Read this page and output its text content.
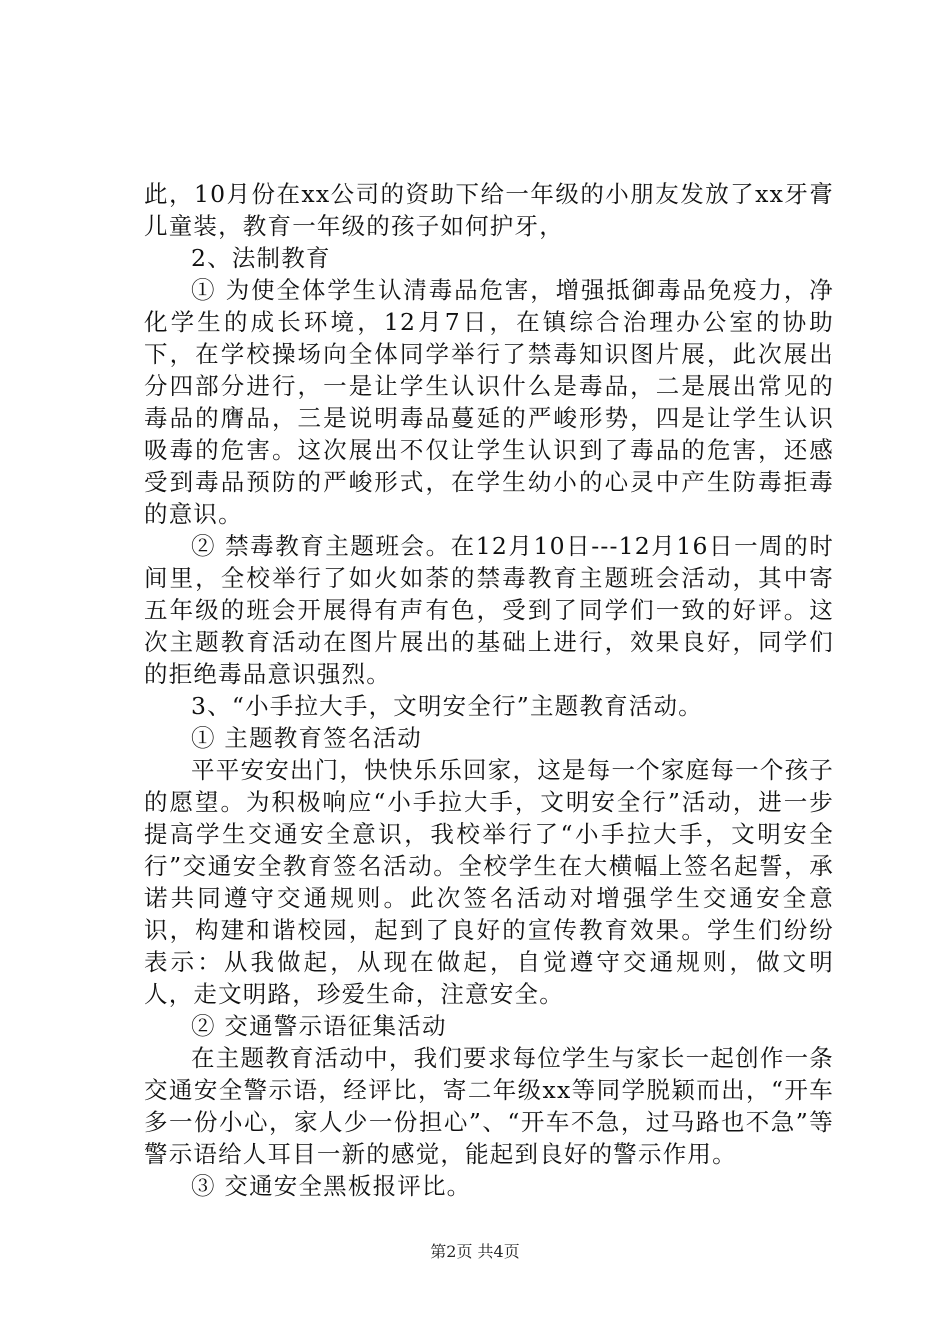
此，10月份在xx公司的资助下给一年级的小朋友发放了xx牙膏儿童装，教育一年级的孩子如何护牙，

2、法制教育

① 为使全体学生认清毒品危害，增强抵御毒品免疫力，净化学生的成长环境，12月7日，在镇综合治理办公室的协助下，在学校操场向全体同学举行了禁毒知识图片展，此次展出分四部分进行，一是让学生认识什么是毒品，二是展出常见的毒品的膺品，三是说明毒品蔓延的严峻形势，四是让学生认识吸毒的危害。这次展出不仅让学生认识到了毒品的危害，还感受到毒品预防的严峻形式，在学生幼小的心灵中产生防毒拒毒的意识。

② 禁毒教育主题班会。在12月10日---12月16日一周的时间里，全校举行了如火如荼的禁毒教育主题班会活动，其中寄五年级的班会开展得有声有色，受到了同学们一致的好评。这次主题教育活动在图片展出的基础上进行，效果良好，同学们的拒绝毒品意识强烈。

3、“小手拉大手，文明安全行”主题教育活动。

① 主题教育签名活动

平平安安出门，快快乐乐回家，这是每一个家庭每一个孩子的愿望。为积极响应“小手拉大手，文明安全行”活动，进一步提高学生交通安全意识，我校举行了“小手拉大手，文明安全行”交通安全教育签名活动。全校学生在大横幅上签名起誓，承诺共同遵守交通规则。此次签名活动对增强学生交通安全意识，构建和谐校园，起到了良好的宣传教育效果。学生们纷纷表示：从我做起，从现在做起，自觉遵守交通规则，做文明人，走文明路，珍爱生命，注意安全。

② 交通警示语征集活动

在主题教育活动中，我们要求每位学生与家长一起创作一条交通安全警示语，经评比，寄二年级xx等同学脱颖而出，“开车多一份小心，家人少一份担心”、“开车不急，过马路也不急”等警示语给人耳目一新的感觉，能起到良好的警示作用。

③ 交通安全黑板报评比。

第2页 共4页
